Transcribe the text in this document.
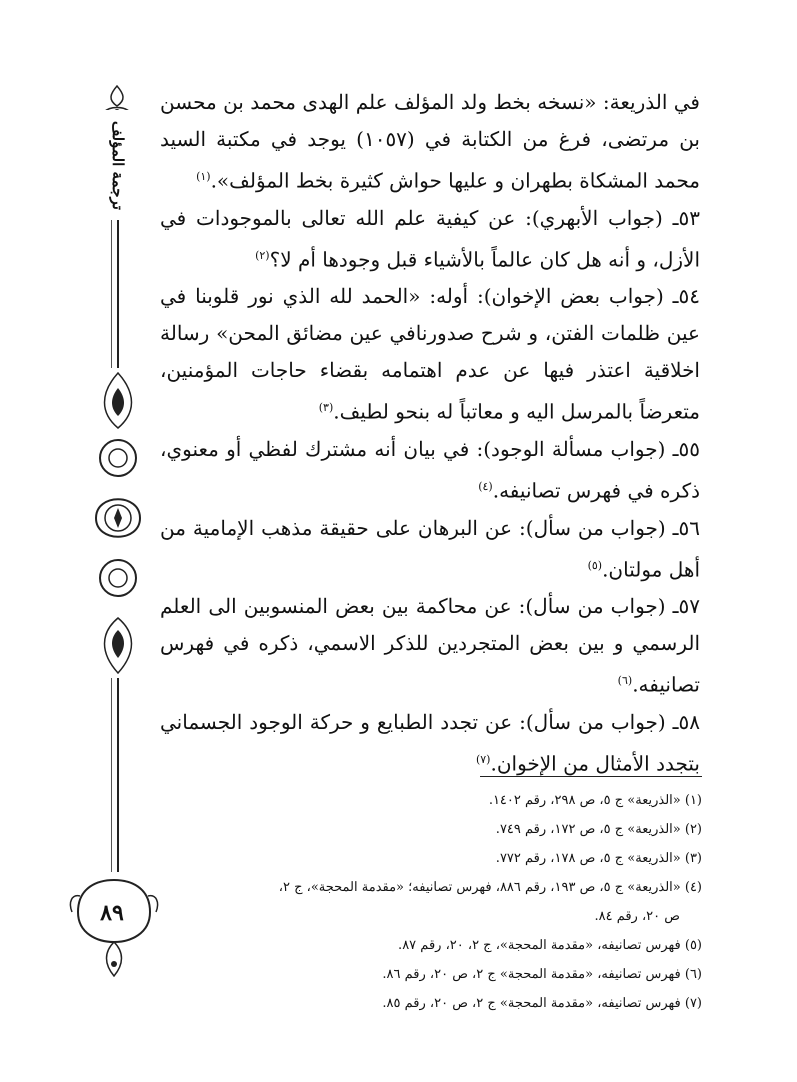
ترجمة المؤلف
٨٩

في الذريعة: «نسخه بخط ولد المؤلف علم الهدى محمد بن محسن بن مرتضى، فرغ من الكتابة في (١٠٥٧) يوجد في مكتبة السيد محمد المشكاة بطهران و عليها حواش كثيرة بخط المؤلف».$^{(١)}$

٥٣ـ (جواب الأبهري): عن كيفية علم الله تعالى بالموجودات في الأزل، و أنه هل كان عالماً بالأشياء قبل وجودها أم لا؟$^{(٢)}$

٥٤ـ (جواب بعض الإخوان): أوله: «الحمد لله الذي نور قلوبنا في عين ظلمات الفتن، و شرح صدورنافي عين مضائق المحن» رسالة اخلاقية اعتذر فيها عن عدم اهتمامه بقضاء حاجات المؤمنين، متعرضاً بالمرسل اليه و معاتباً له بنحو لطيف.$^{(٣)}$

٥٥ـ (جواب مسألة الوجود): في بيان أنه مشترك لفظي أو معنوي، ذكره في فهرس تصانيفه.$^{(٤)}$

٥٦ـ (جواب من سأل): عن البرهان على حقيقة مذهب الإمامية من أهل مولتان.$^{(٥)}$

٥٧ـ (جواب من سأل): عن محاكمة بين بعض المنسوبين الى العلم الرسمي و بين بعض المتجردين للذكر الاسمي، ذكره في فهرس تصانيفه.$^{(٦)}$

٥٨ـ (جواب من سأل): عن تجدد الطبايع و حركة الوجود الجسماني بتجدد الأمثال من الإخوان.$^{(٧)}$

(١) «الذريعة» ج ٥، ص ٢٩٨، رقم ١٤٠٢.
(٢) «الذريعة» ج ٥، ص ١٧٢، رقم ٧٤٩.
(٣) «الذريعة» ج ٥، ص ١٧٨، رقم ٧٧٢.
(٤) «الذريعة» ج ٥، ص ١٩٣، رقم ٨٨٦، فهرس تصانيفه؛ «مقدمة المحجة»، ج ٢،
ص ٢٠، رقم ٨٤.
(٥) فهرس تصانيفه، «مقدمة المحجة»، ج ٢، ٢٠، رقم ٨٧.
(٦) فهرس تصانيفه، «مقدمة المحجة» ج ٢، ص ٢٠، رقم ٨٦.
(٧) فهرس تصانيفه، «مقدمة المحجة» ج ٢، ص ٢٠، رقم ٨٥.
